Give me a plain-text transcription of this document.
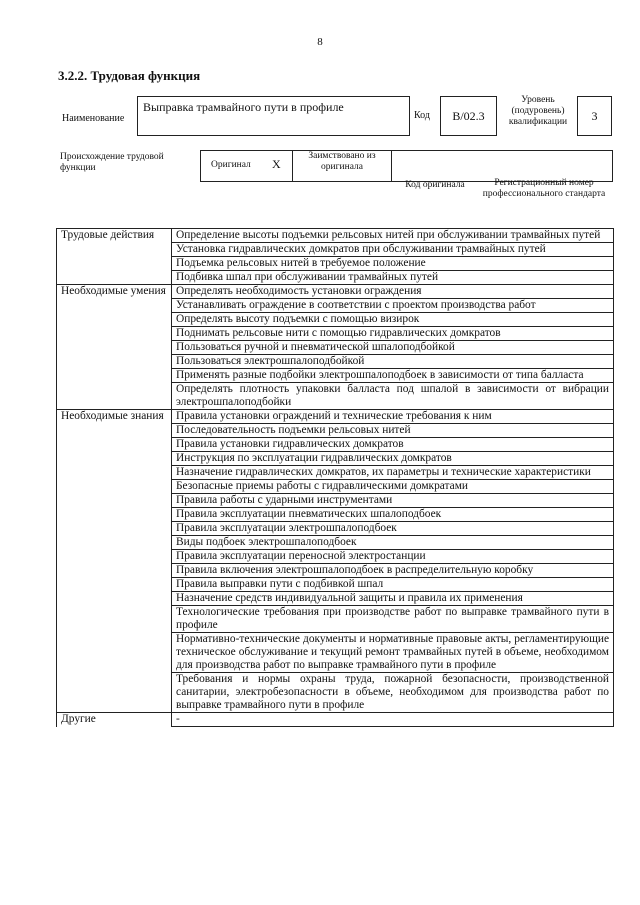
8
3.2.2. Трудовая функция
Наименование
Выправка трамвайного пути в профиле
Код	B/02.3
Уровень (подуровень) квалификации	3
Происхождение трудовой функции	Оригинал X
Заимствовано из оригинала
Код оригинала	Регистрационный номер профессионального стандарта
Трудовые действия	Определение высоты подъемки рельсовых нитей при обслуживании трамвайных путей
	Установка гидравлических домкратов при обслуживании трамвайных путей
	Подъемка рельсовых нитей в требуемое положение
	Подбивка шпал при обслуживании трамвайных путей
Необходимые умения	Определять необходимость установки ограждения
	Устанавливать ограждение в соответствии с проектом производства работ
	Определять высоту подъемки с помощью визирок
	Поднимать рельсовые нити с помощью гидравлических домкратов
	Пользоваться ручной и пневматической шпалоподбойкой
	Пользоваться электрошпалоподбойкой
	Применять разные подбойки электрошпалоподбоек в зависимости от типа балласта
	Определять плотность упаковки балласта под шпалой в зависимости от вибрации электрошпалоподбойки
Необходимые знания	Правила установки ограждений и технические требования к ним
	Последовательность подъемки рельсовых нитей
	Правила установки гидравлических домкратов
	Инструкция по эксплуатации гидравлических домкратов
	Назначение гидравлических домкратов, их параметры и технические характеристики
	Безопасные приемы работы с гидравлическими домкратами
	Правила работы с ударными инструментами
	Правила эксплуатации пневматических шпалоподбоек
	Правила эксплуатации электрошпалоподбоек
	Виды подбоек электрошпалоподбоек
	Правила эксплуатации переносной электростанции
	Правила включения электрошпалоподбоек в распределительную коробку
	Правила выправки пути с подбивкой шпал
	Назначение средств индивидуальной защиты и правила их применения
	Технологические требования при производстве работ по выправке трамвайного пути в профиле
	Нормативно-технические документы и нормативные правовые акты, регламентирующие техническое обслуживание и текущий ремонт трамвайных путей в объеме, необходимом для производства работ по выправке трамвайного пути в профиле
	Требования и нормы охраны труда, пожарной безопасности, производственной санитарии, электробезопасности в объеме, необходимом для производства работ по выправке трамвайного пути в профиле
Другие	-
